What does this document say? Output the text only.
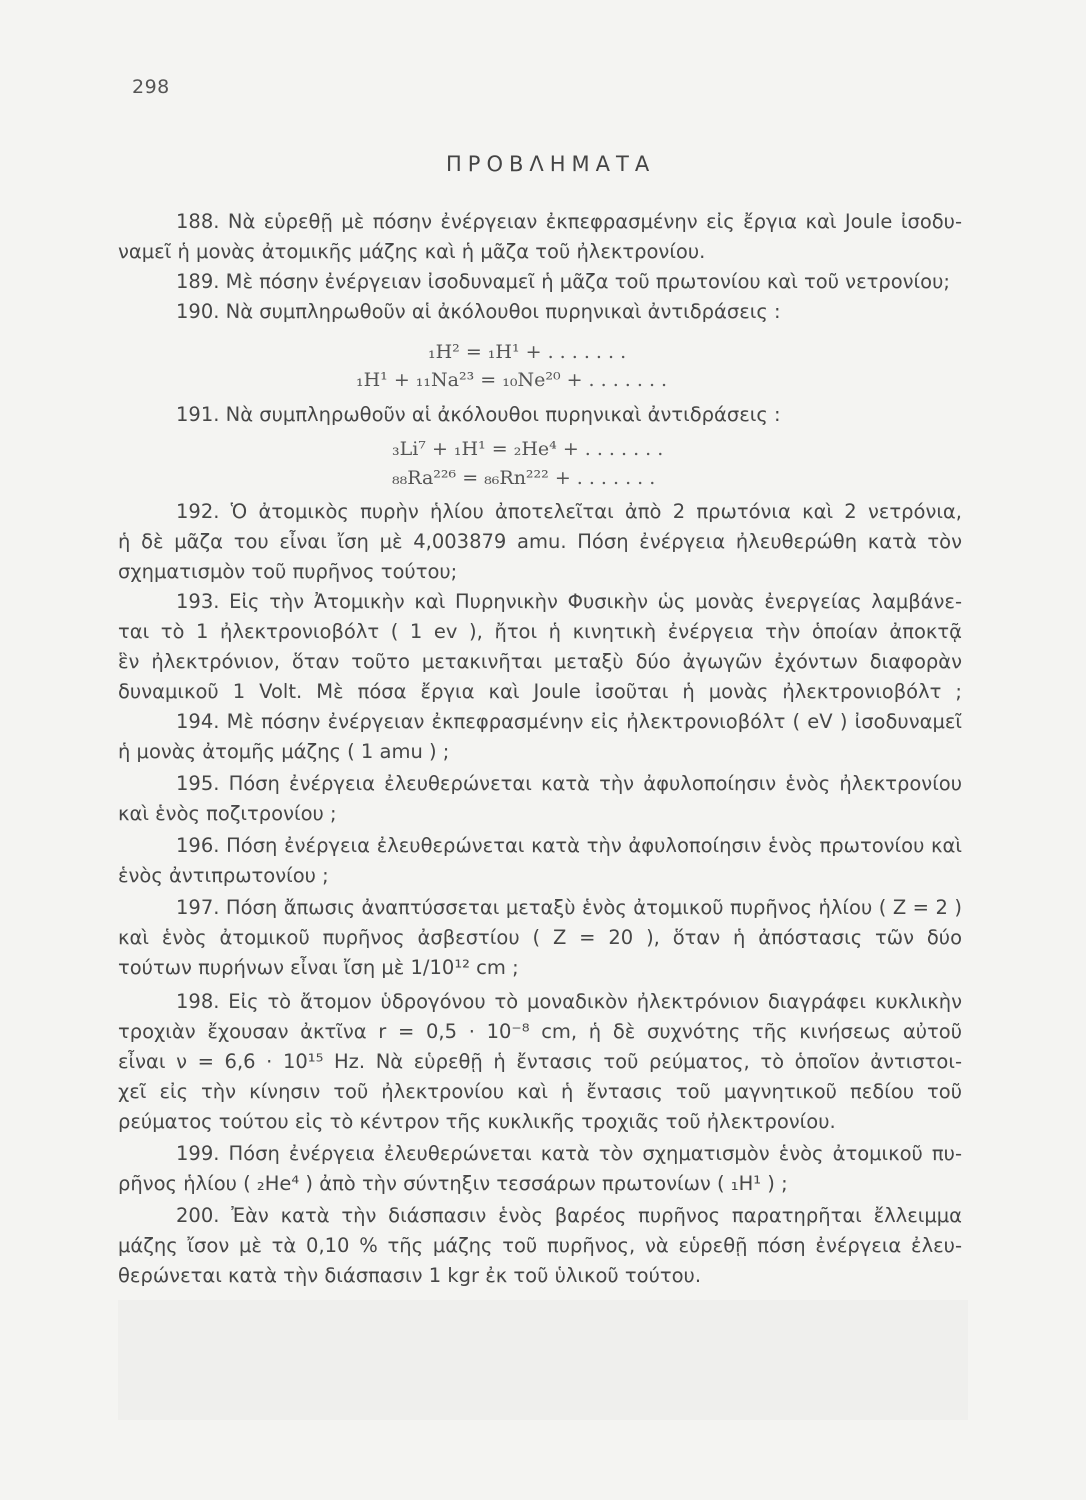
298
ΠΡΟΒΛΗΜΑΤΑ
188. Νὰ εὑρεθῇ μὲ πόσην ἐνέργειαν ἐκπεφρασμένην εἰς ἔργια καὶ Joule ἰσοδυ-
ναμεῖ ἡ μονὰς ἀτομικῆς μάζης καὶ ἡ μᾶζα τοῦ ἠλεκτρονίου.
189. Μὲ πόσην ἐνέργειαν ἰσοδυναμεῖ ἡ μᾶζα τοῦ πρωτονίου καὶ τοῦ νετρονίου;
190. Νὰ συμπληρωθοῦν αἱ ἀκόλουθοι πυρηνικαὶ ἀντιδράσεις :
₁H² = ₁H¹ + . . . . . . .
₁H¹ + ₁₁Na²³ = ₁₀Ne²⁰ + . . . . . . .
191. Νὰ συμπληρωθοῦν αἱ ἀκόλουθοι πυρηνικαὶ ἀντιδράσεις :
₃Li⁷ + ₁H¹ = ₂He⁴ + . . . . . . .
₈₈Ra²²⁶ = ₈₆Rn²²² + . . . . . . .
192. Ὁ ἀτομικὸς πυρὴν ἡλίου ἀποτελεῖται ἀπὸ 2 πρωτόνια καὶ 2 νετρόνια,
ἡ δὲ μᾶζα του εἶναι ἴση μὲ 4,003879 amu. Πόση ἐνέργεια ἠλευθερώθη κατὰ τὸν
σχηματισμὸν τοῦ πυρῆνος τούτου;
193. Εἰς τὴν Ἀτομικὴν καὶ Πυρηνικὴν Φυσικὴν ὡς μονὰς ἐνεργείας λαμβάνε-
ται τὸ 1 ἠλεκτρονιοβόλτ ( 1 ev ), ἤτοι ἡ κινητικὴ ἐνέργεια τὴν ὁποίαν ἀποκτᾷ
ἓν ἠλεκτρόνιον, ὅταν τοῦτο μετακινῆται μεταξὺ δύο ἀγωγῶν ἐχόντων διαφορὰν
δυναμικοῦ 1 Volt. Μὲ πόσα ἔργια καὶ Joule ἰσοῦται ἡ μονὰς ἠλεκτρονιοβόλτ ;
194. Μὲ πόσην ἐνέργειαν ἐκπεφρασμένην εἰς ἠλεκτρονιοβόλτ ( eV ) ἰσοδυναμεῖ
ἡ μονὰς ἀτομῆς μάζης ( 1 amu ) ;
195. Πόση ἐνέργεια ἐλευθερώνεται κατὰ τὴν ἀφυλοποίησιν ἑνὸς ἠλεκτρονίου
καὶ ἑνὸς ποζιτρονίου ;
196. Πόση ἐνέργεια ἐλευθερώνεται κατὰ τὴν ἀφυλοποίησιν ἑνὸς πρωτονίου καὶ
ἑνὸς ἀντιπρωτονίου ;
197. Πόση ἄπωσις ἀναπτύσσεται μεταξὺ ἑνὸς ἀτομικοῦ πυρῆνος ἡλίου ( Z = 2 )
καὶ ἑνὸς ἀτομικοῦ πυρῆνος ἀσβεστίου ( Z = 20 ), ὅταν ἡ ἀπόστασις τῶν δύο
τούτων πυρήνων εἶναι ἴση μὲ 1/10¹² cm ;
198. Εἰς τὸ ἄτομον ὑδρογόνου τὸ μοναδικὸν ἠλεκτρόνιον διαγράφει κυκλικὴν
τροχιὰν ἔχουσαν ἀκτῖνα r = 0,5 · 10⁻⁸ cm, ἡ δὲ συχνότης τῆς κινήσεως αὐτοῦ
εἶναι ν = 6,6 · 10¹⁵ Hz. Νὰ εὑρεθῇ ἡ ἔντασις τοῦ ρεύματος, τὸ ὁποῖον ἀντιστοι-
χεῖ εἰς τὴν κίνησιν τοῦ ἠλεκτρονίου καὶ ἡ ἔντασις τοῦ μαγνητικοῦ πεδίου τοῦ
ρεύματος τούτου εἰς τὸ κέντρον τῆς κυκλικῆς τροχιᾶς τοῦ ἠλεκτρονίου.
199. Πόση ἐνέργεια ἐλευθερώνεται κατὰ τὸν σχηματισμὸν ἑνὸς ἀτομικοῦ πυ-
ρῆνος ἡλίου ( ₂He⁴ ) ἀπὸ τὴν σύντηξιν τεσσάρων πρωτονίων ( ₁H¹ ) ;
200. Ἐὰν κατὰ τὴν διάσπασιν ἑνὸς βαρέος πυρῆνος παρατηρῆται ἔλλειμμα
μάζης ἴσον μὲ τὰ 0,10 % τῆς μάζης τοῦ πυρῆνος, νὰ εὑρεθῇ πόση ἐνέργεια ἐλευ-
θερώνεται κατὰ τὴν διάσπασιν 1 kgr ἐκ τοῦ ὑλικοῦ τούτου.
